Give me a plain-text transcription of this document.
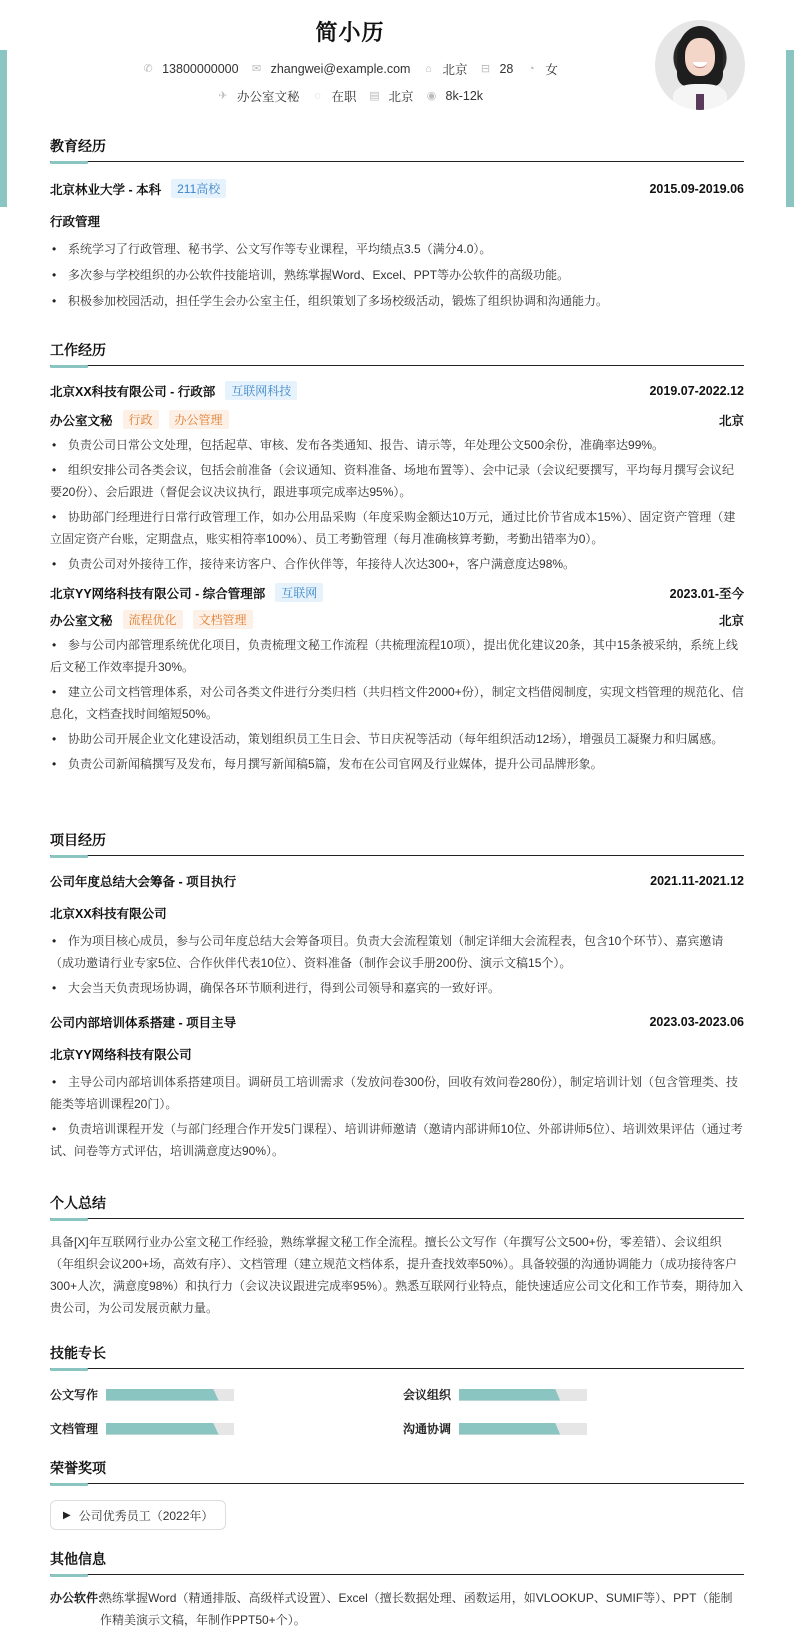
简小历
✆ 13800000000 ✉ zhangwei@example.com ⌂ 北京 ⊟ 28 ◔ 女
✈ 办公室文秘 ◌ 在职 ▤ 北京 ◉ 8k-12k
教育经历
北京林业大学 - 本科	211高校	2015.09-2019.06
行政管理
• 系统学习了行政管理、秘书学、公文写作等专业课程，平均绩点3.5（满分4.0）。
• 多次参与学校组织的办公软件技能培训，熟练掌握Word、Excel、PPT等办公软件的高级功能。
• 积极参加校园活动，担任学生会办公室主任，组织策划了多场校级活动，锻炼了组织协调和沟通能力。
工作经历
北京XX科技有限公司 - 行政部	互联网科技	2019.07-2022.12
办公室文秘	行政	办公管理	北京
• 负责公司日常公文处理，包括起草、审核、发布各类通知、报告、请示等，年处理公文500余份，准确率达99%。
• 组织安排公司各类会议，包括会前准备（会议通知、资料准备、场地布置等）、会中记录（会议纪要撰写，平均每月撰写会议纪要20份）、会后跟进（督促会议决议执行，跟进事项完成率达95%）。
• 协助部门经理进行日常行政管理工作，如办公用品采购（年度采购金额达10万元，通过比价节省成本15%）、固定资产管理（建立固定资产台账，定期盘点，账实相符率100%）、员工考勤管理（每月准确核算考勤，考勤出错率为0）。
• 负责公司对外接待工作，接待来访客户、合作伙伴等，年接待人次达300+，客户满意度达98%。
北京YY网络科技有限公司 - 综合管理部	互联网	2023.01-至今
办公室文秘	流程优化	文档管理	北京
• 参与公司内部管理系统优化项目，负责梳理文秘工作流程（共梳理流程10项），提出优化建议20条，其中15条被采纳，系统上线后文秘工作效率提升30%。
• 建立公司文档管理体系，对公司各类文件进行分类归档（共归档文件2000+份），制定文档借阅制度，实现文档管理的规范化、信息化，文档查找时间缩短50%。
• 协助公司开展企业文化建设活动，策划组织员工生日会、节日庆祝等活动（每年组织活动12场），增强员工凝聚力和归属感。
• 负责公司新闻稿撰写及发布，每月撰写新闻稿5篇，发布在公司官网及行业媒体，提升公司品牌形象。
项目经历
公司年度总结大会筹备 - 项目执行	2021.11-2021.12
北京XX科技有限公司
• 作为项目核心成员，参与公司年度总结大会筹备项目。负责大会流程策划（制定详细大会流程表，包含10个环节）、嘉宾邀请（成功邀请行业专家5位、合作伙伴代表10位）、资料准备（制作会议手册200份、演示文稿15个）。
• 大会当天负责现场协调，确保各环节顺利进行，得到公司领导和嘉宾的一致好评。
公司内部培训体系搭建 - 项目主导	2023.03-2023.06
北京YY网络科技有限公司
• 主导公司内部培训体系搭建项目。调研员工培训需求（发放问卷300份，回收有效问卷280份），制定培训计划（包含管理类、技能类等培训课程20门）。
• 负责培训课程开发（与部门经理合作开发5门课程）、培训讲师邀请（邀请内部讲师10位、外部讲师5位）、培训效果评估（通过考试、问卷等方式评估，培训满意度达90%）。
个人总结
具备[X]年互联网行业办公室文秘工作经验，熟练掌握文秘工作全流程。擅长公文写作（年撰写公文500+份，零差错）、会议组织（年组织会议200+场，高效有序）、文档管理（建立规范文档体系，提升查找效率50%）。具备较强的沟通协调能力（成功接待客户300+人次，满意度98%）和执行力（会议决议跟进完成率95%）。熟悉互联网行业特点，能快速适应公司文化和工作节奏，期待加入贵公司，为公司发展贡献力量。
技能专长
公文写作	会议组织
文档管理	沟通协调
荣誉奖项
▶ 公司优秀员工（2022年）
其他信息
办公软件:
熟练掌握Word（精通排版、高级样式设置）、Excel（擅长数据处理、函数运用，如VLOOKUP、SUMIF等）、PPT（能制作精美演示文稿，年制作PPT50+个）。
